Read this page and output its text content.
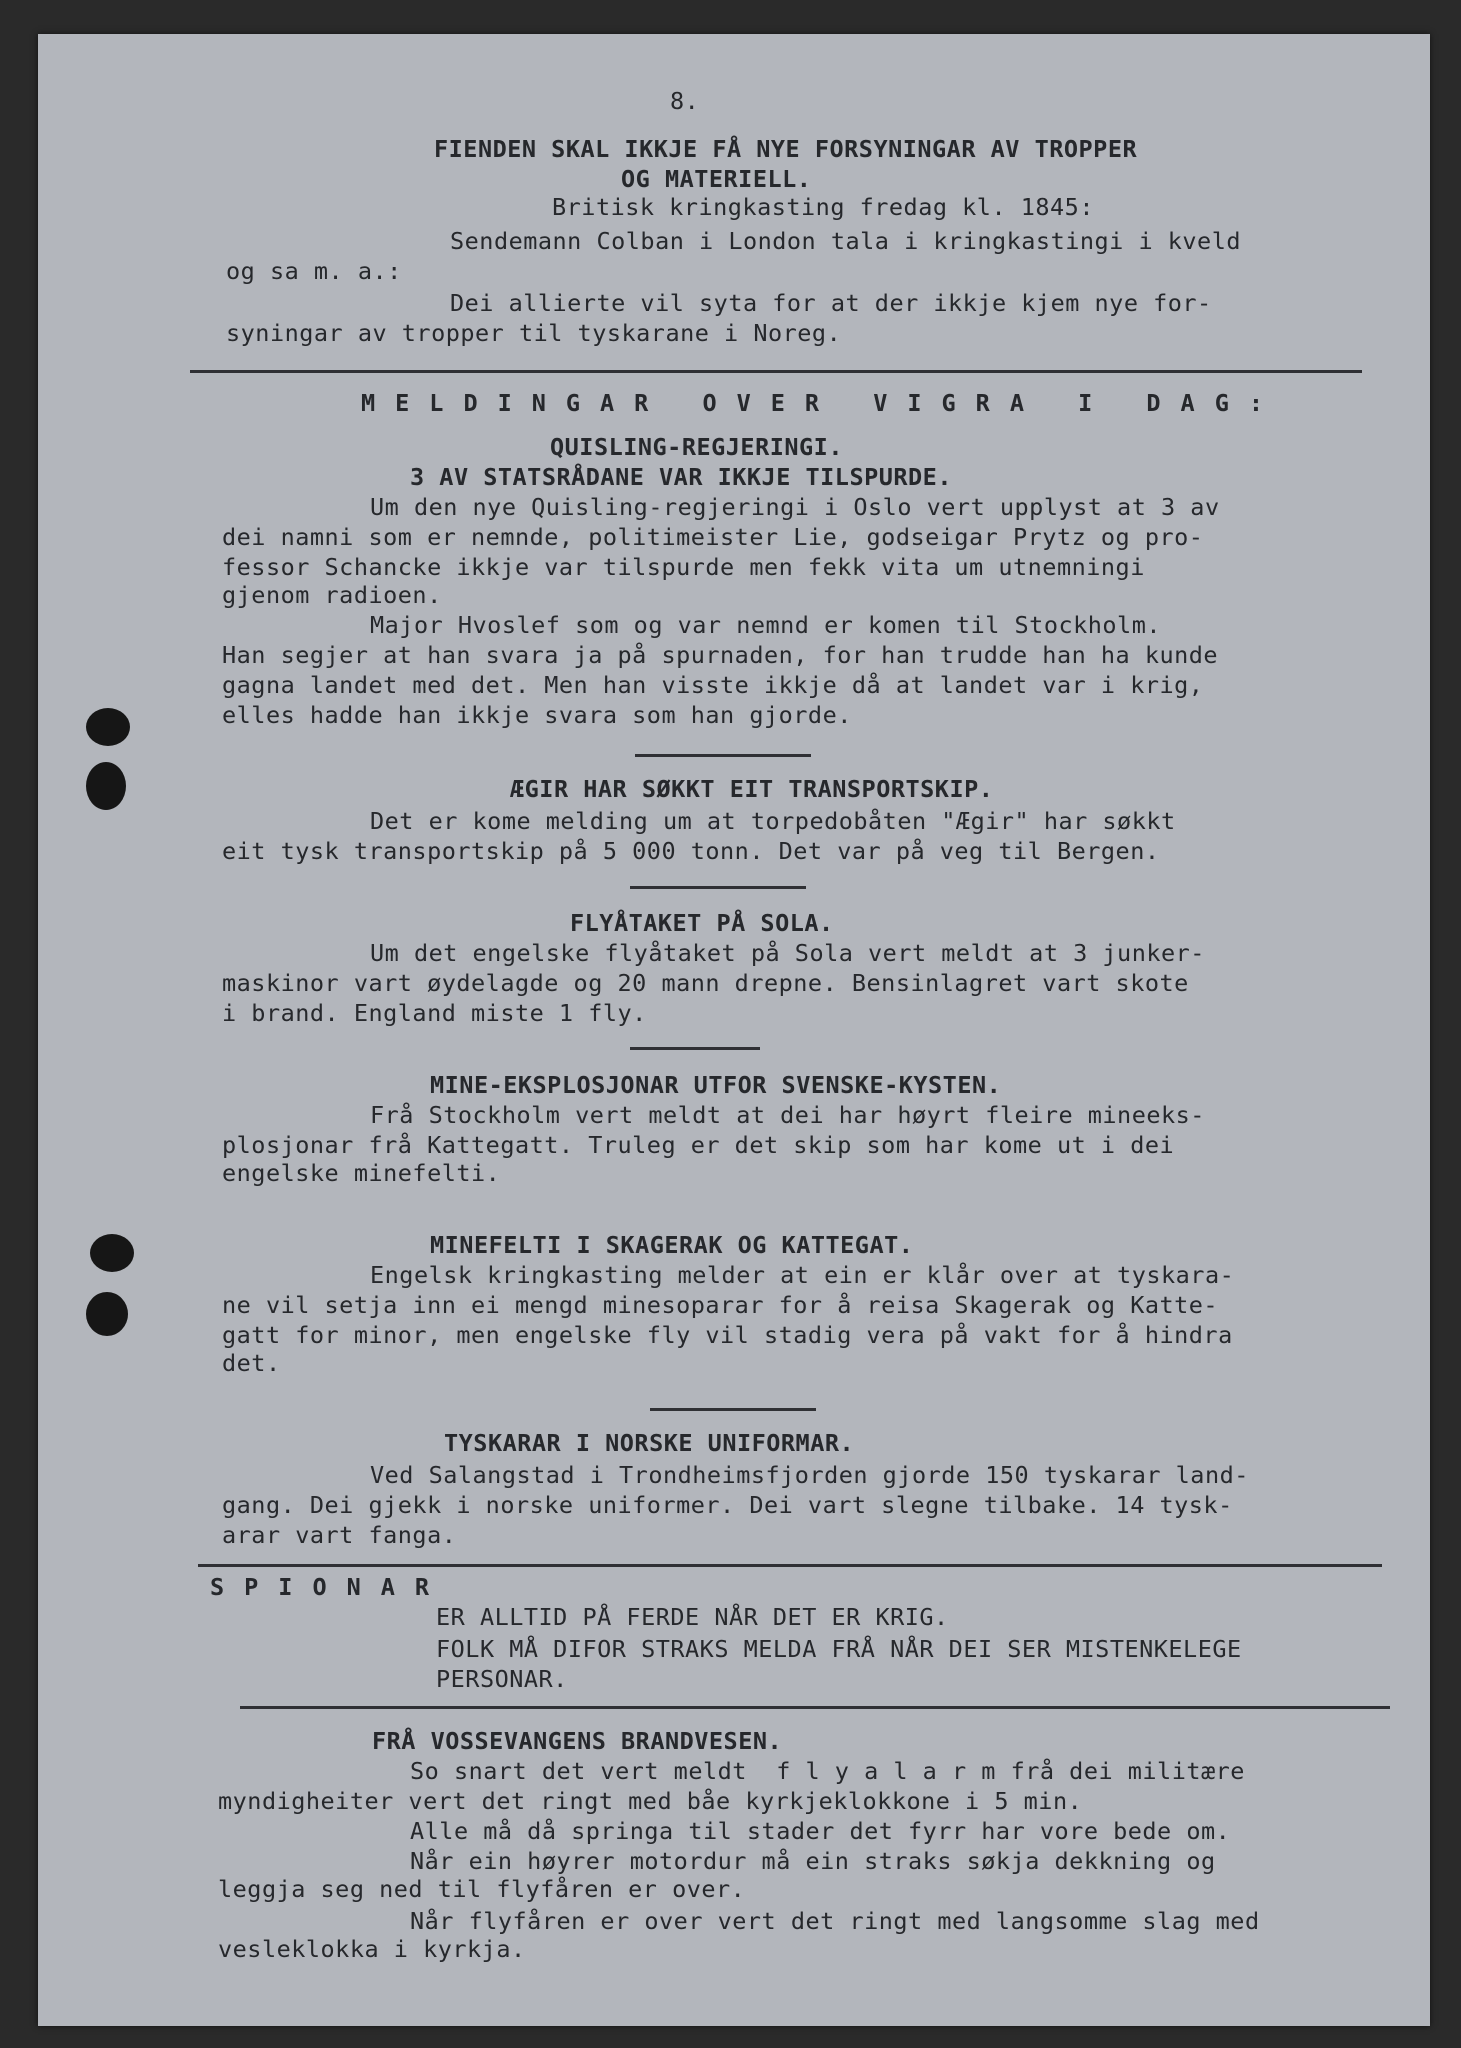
8.
FIENDEN SKAL IKKJE FÅ NYE FORSYNINGAR AV TROPPER
OG MATERIELL.
Britisk kringkasting fredag kl. 1845:
Sendemann Colban i London tala i kringkastingi i kveld
og sa m. a.:
Dei allierte vil syta for at der ikkje kjem nye for-
syningar av tropper til tyskarane i Noreg.
MELDINGAR OVER VIGRA I DAG:
QUISLING-REGJERINGI.
3 AV STATSRÅDANE VAR IKKJE TILSPURDE.
Um den nye Quisling-regjeringi i Oslo vert upplyst at 3 av
dei namni som er nemnde, politimeister Lie, godseigar Prytz og pro-
fessor Schancke ikkje var tilspurde men fekk vita um utnemningi
gjenom radioen.
Major Hvoslef som og var nemnd er komen til Stockholm.
Han segjer at han svara ja på spurnaden, for han trudde han ha kunde
gagna landet med det. Men han visste ikkje då at landet var i krig,
elles hadde han ikkje svara som han gjorde.
ÆGIR HAR SØKKT EIT TRANSPORTSKIP.
Det er kome melding um at torpedobåten "Ægir" har søkkt
eit tysk transportskip på 5 000 tonn. Det var på veg til Bergen.
FLYÅTAKET PÅ SOLA.
Um det engelske flyåtaket på Sola vert meldt at 3 junker-
maskinor vart øydelagde og 20 mann drepne. Bensinlagret vart skote
i brand. England miste 1 fly.
MINE-EKSPLOSJONAR UTFOR SVENSKE-KYSTEN.
Frå Stockholm vert meldt at dei har høyrt fleire mineeks-
plosjonar frå Kattegatt. Truleg er det skip som har kome ut i dei
engelske minefelti.
MINEFELTI I SKAGERAK OG KATTEGAT.
Engelsk kringkasting melder at ein er klår over at tyskara-
ne vil setja inn ei mengd minesoparar for å reisa Skagerak og Katte-
gatt for minor, men engelske fly vil stadig vera på vakt for å hindra
det.
TYSKARAR I NORSKE UNIFORMAR.
Ved Salangstad i Trondheimsfjorden gjorde 150 tyskarar land-
gang. Dei gjekk i norske uniformer. Dei vart slegne tilbake. 14 tysk-
arar vart fanga.
SPIONAR
ER ALLTID PÅ FERDE NÅR DET ER KRIG.
FOLK MÅ DIFOR STRAKS MELDA FRÅ NÅR DEI SER MISTENKELEGE
PERSONAR.
FRÅ VOSSEVANGENS BRANDVESEN.
So snart det vert meldt  f l y a l a r m frå dei militære
myndigheiter vert det ringt med båe kyrkjeklokkone i 5 min.
Alle må då springa til stader det fyrr har vore bede om.
Når ein høyrer motordur må ein straks søkja dekkning og
leggja seg ned til flyfåren er over.
Når flyfåren er over vert det ringt med langsomme slag med
vesleklokka i kyrkja.
